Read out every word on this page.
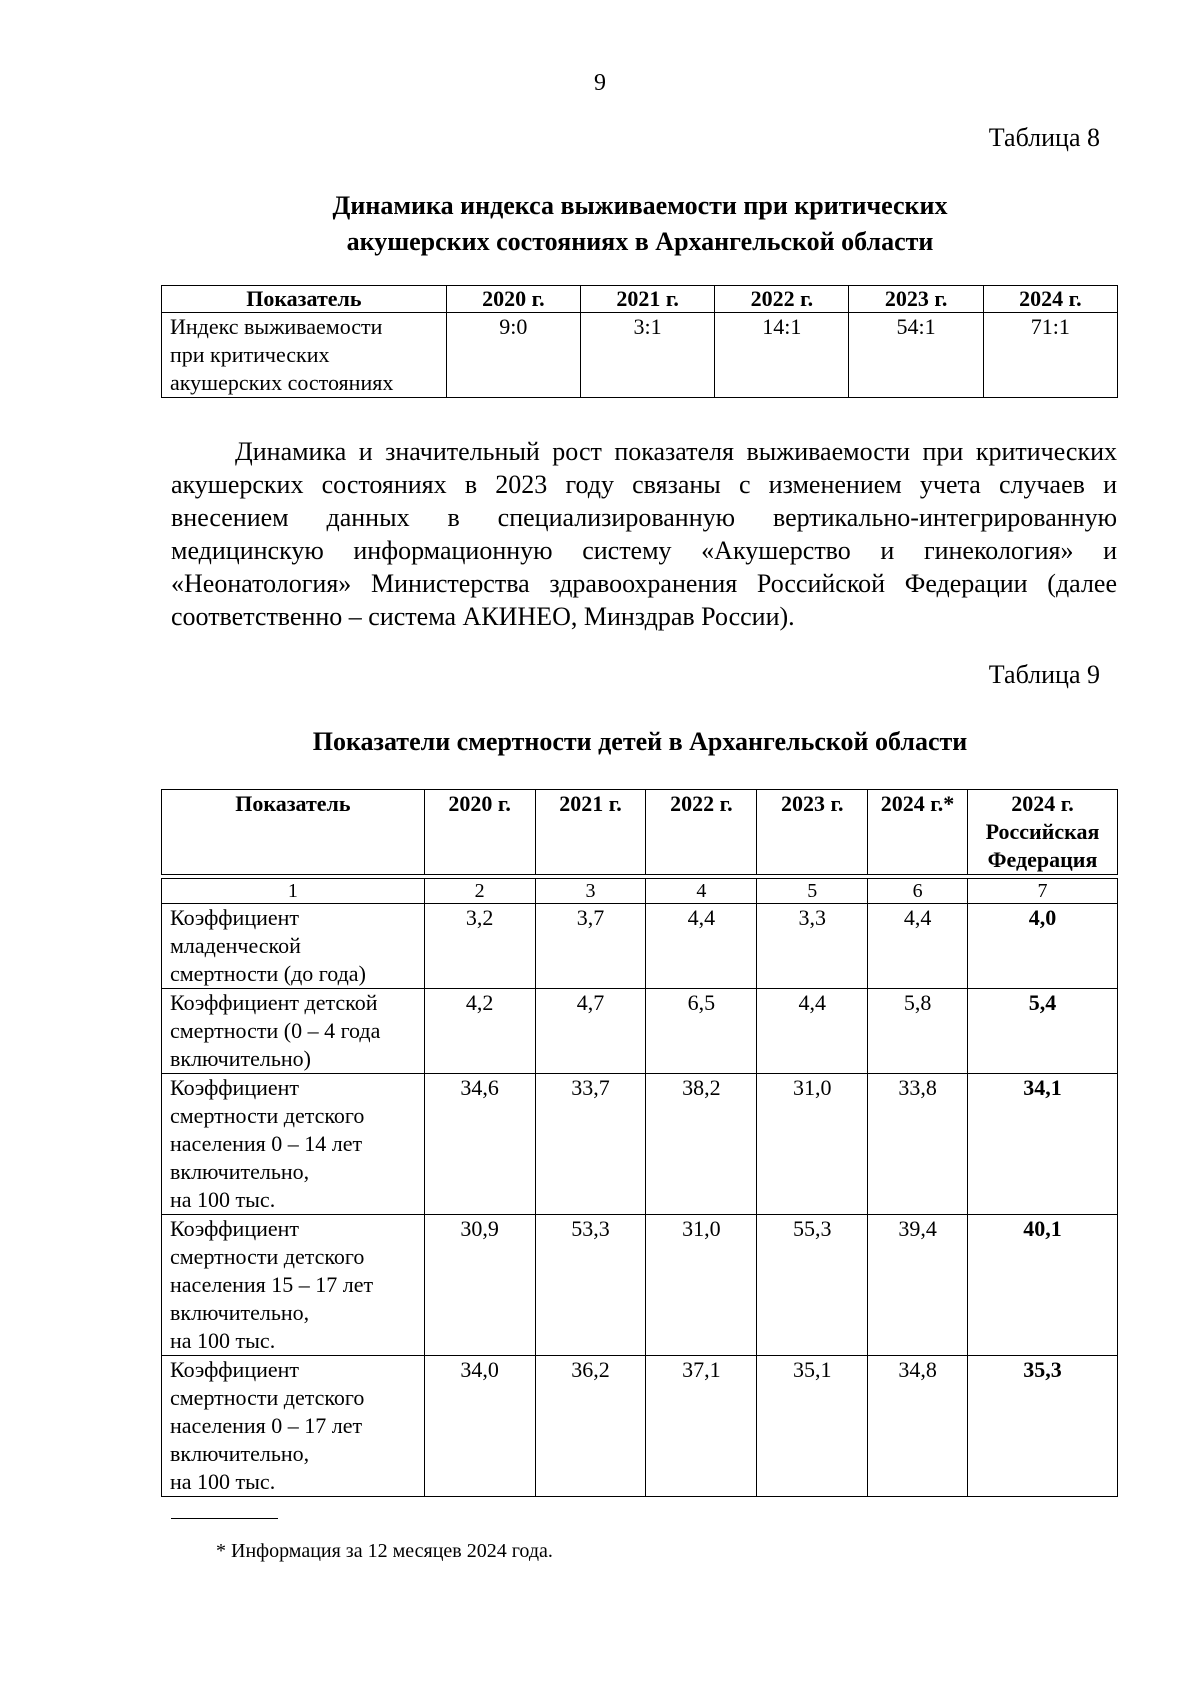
9
Таблица 8
Динамика индекса выживаемости при критических
акушерских состояниях в Архангельской области
Показатель	2020 г.	2021 г.	2022 г.	2023 г.	2024 г.

Индекс выживаемости
при критических
акушерских состояниях	9:0	3:1	14:1	54:1	71:1

Динамика и значительный рост показателя выживаемости при критических акушерских состояниях в 2023 году связаны с изменением учета случаев и внесением данных в специализированную вертикально-интегрированную медицинскую информационную систему «Акушерство и гинекология» и «Неонатология» Министерства здравоохранения Российской Федерации (далее соответственно – система АКИНЕО, Минздрав России).

Таблица 9
Показатели смертности детей в Архангельской области
Показатель	2020 г.	2021 г.	2022 г.	2023 г.	2024 г.*	2024 г.
Российская
Федерация

1	2	3	4	5	6	7

Коэффициент
младенческой
смертности (до года)	3,2	3,7	4,4	3,3	4,4	4,0

Коэффициент детской
смертности (0 – 4 года
включительно)	4,2	4,7	6,5	4,4	5,8	5,4

Коэффициент
смертности детского
населения 0 – 14 лет
включительно,
на 100 тыс.	34,6	33,7	38,2	31,0	33,8	34,1

Коэффициент
смертности детского
населения 15 – 17 лет
включительно,
на 100 тыс.	30,9	53,3	31,0	55,3	39,4	40,1

Коэффициент
смертности детского
населения 0 – 17 лет
включительно,
на 100 тыс.	34,0	36,2	37,1	35,1	34,8	35,3
* Информация за 12 месяцев 2024 года.
